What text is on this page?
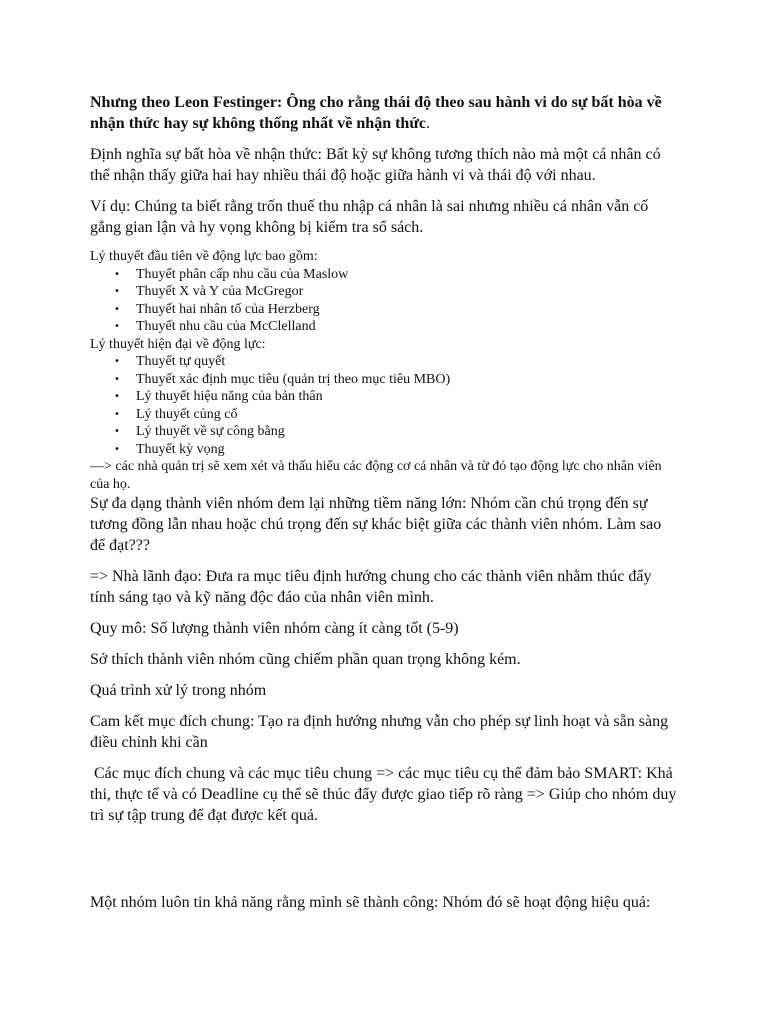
Nhưng theo Leon Festinger: Ông cho rằng thái độ theo sau hành vi do sự bất hòa về nhận thức hay sự không thống nhất về nhận thức.

Định nghĩa sự bất hòa về nhận thức: Bất kỳ sự không tương thích nào mà một cá nhân có thể nhận thấy giữa hai hay nhiều thái độ hoặc giữa hành vi và thái độ với nhau.

Ví dụ: Chúng ta biết rằng trốn thuế thu nhập cá nhân là sai nhưng nhiều cá nhân vẫn cố gắng gian lận và hy vọng không bị kiểm tra sổ sách.

Lý thuyết đầu tiên về động lực bao gồm:
• Thuyết phân cấp nhu cầu của Maslow
• Thuyết X và Y của McGregor
• Thuyết hai nhân tố của Herzberg
• Thuyết nhu cầu của McClelland
Lý thuyết hiện đại về động lực:
• Thuyết tự quyết
• Thuyết xác định mục tiêu (quản trị theo mục tiêu MBO)
• Lý thuyết hiệu năng của bản thân
• Lý thuyết củng cố
• Lý thuyết về sự công bằng
• Thuyết kỳ vọng
—> các nhà quản trị sẽ xem xét và thấu hiểu các động cơ cá nhân và từ đó tạo động lực cho nhân viên của họ.

Sự đa dạng thành viên nhóm đem lại những tiềm năng lớn: Nhóm cần chú trọng đến sự tương đồng lẫn nhau hoặc chú trọng đến sự khác biệt giữa các thành viên nhóm. Làm sao để đạt???

=> Nhà lãnh đạo: Đưa ra mục tiêu định hướng chung cho các thành viên nhằm thúc đẩy tính sáng tạo và kỹ năng độc đáo của nhân viên mình.

Quy mô: Số lượng thành viên nhóm càng ít càng tốt (5-9)

Sở thích thành viên nhóm cũng chiếm phần quan trọng không kém.

Quá trình xử lý trong nhóm

Cam kết mục đích chung: Tạo ra định hướng nhưng vẫn cho phép sự linh hoạt và sẵn sàng điều chỉnh khi cần

Các mục đích chung và các mục tiêu chung => các mục tiêu cụ thể đảm bảo SMART: Khả thi, thực tế và có Deadline cụ thể sẽ thúc đẩy được giao tiếp rõ ràng => Giúp cho nhóm duy trì sự tập trung để đạt được kết quả.

Một nhóm luôn tin khả năng rằng mình sẽ thành công: Nhóm đó sẽ hoạt động hiệu quả:
